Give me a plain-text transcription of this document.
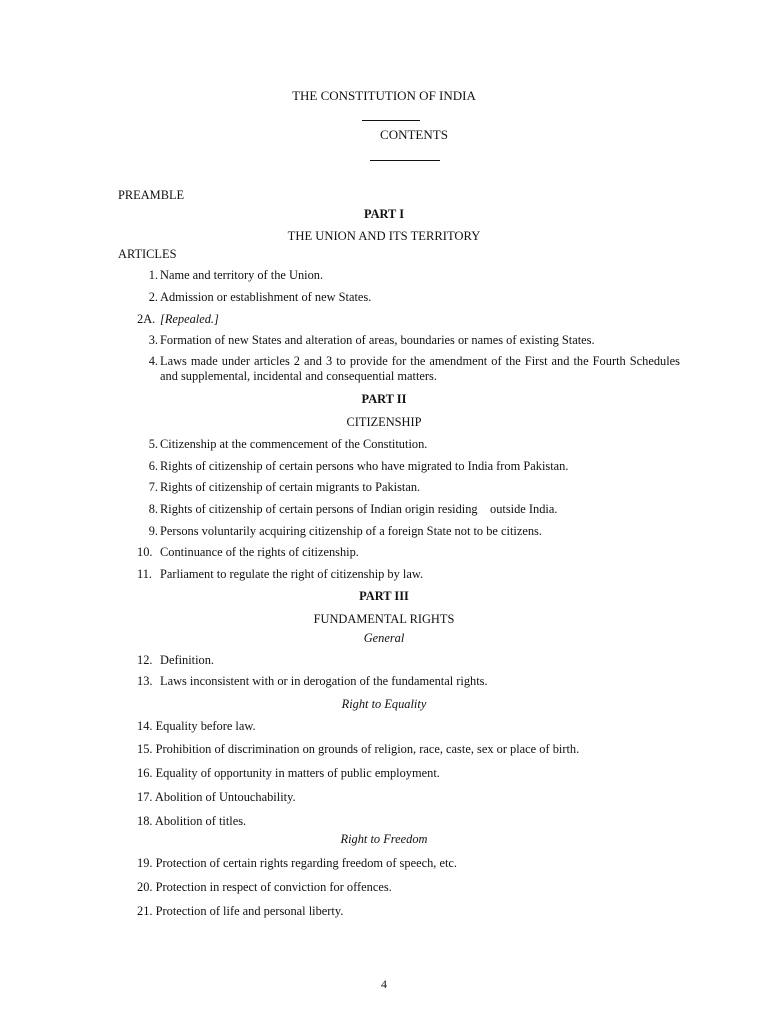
THE CONSTITUTION OF INDIA
CONTENTS
PREAMBLE
PART I
THE UNION AND ITS TERRITORY
ARTICLES
1. Name and territory of the Union.
2. Admission or establishment of new States.
2A. [Repealed.]
3. Formation of new States and alteration of areas, boundaries or names of existing States.
4. Laws made under articles 2 and 3 to provide for the amendment of the First and the Fourth Schedules and supplemental, incidental and consequential matters.
PART II
CITIZENSHIP
5. Citizenship at the commencement of the Constitution.
6. Rights of citizenship of certain persons who have migrated to India from Pakistan.
7. Rights of citizenship of certain migrants to Pakistan.
8. Rights of citizenship of certain persons of Indian origin residing    outside India.
9. Persons voluntarily acquiring citizenship of a foreign State not to be citizens.
10. Continuance of the rights of citizenship.
11. Parliament to regulate the right of citizenship by law.
PART III
FUNDAMENTAL RIGHTS
General
12. Definition.
13. Laws inconsistent with or in derogation of the fundamental rights.
Right to Equality
14. Equality before law.
15. Prohibition of discrimination on grounds of religion, race, caste, sex or place of birth.
16. Equality of opportunity in matters of public employment.
17. Abolition of Untouchability.
18. Abolition of titles.
Right to Freedom
19. Protection of certain rights regarding freedom of speech, etc.
20. Protection in respect of conviction for offences.
21. Protection of life and personal liberty.
4
